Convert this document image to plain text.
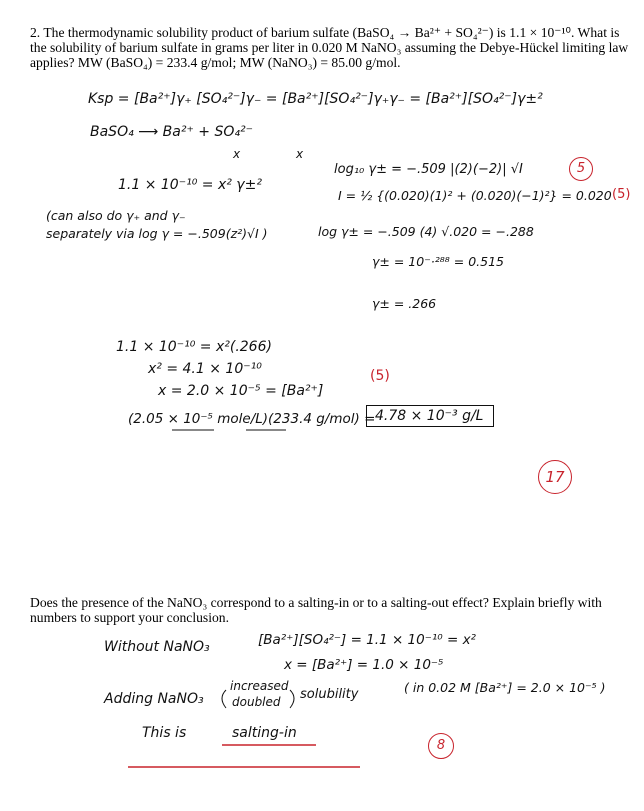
2. The thermodynamic solubility product of barium sulfate (BaSO₄ → Ba²⁺ + SO₄²⁻) is 1.1 × 10⁻¹⁰. What is the solubility of barium sulfate in grams per liter in 0.020 M NaNO₃ assuming the Debye-Hückel limiting law applies? MW (BaSO₄) = 233.4 g/mol; MW (NaNO₃) = 85.00 g/mol.
Ksp = [Ba²⁺]γ₊ [SO₄²⁻]γ₋ = [Ba²⁺][SO₄²⁻]γ₊γ₋ = [Ba²⁺][SO₄²⁻]γ±²
BaSO₄ ⟶ Ba²⁺ + SO₄²⁻
x	x
1.1 × 10⁻¹⁰ = x² γ±²
(can also do γ₊ and γ₋
separately via log γ = −.509(z²)√I )
log₁₀ γ± = −.509 |(2)(−2)| √I	5
I = ½ {(0.020)(1)² + (0.020)(−1)²} = 0.020 (5)
log γ± = −.509 (4) √.020 = −.288
γ± = 10⁻·²⁸⁸ = 0.515
γ± = .266
1.1 × 10⁻¹⁰ = x²(.266)
x² = 4.1 × 10⁻¹⁰
x = 2.0 × 10⁻⁵ = [Ba²⁺]
(5)
(2.05 × 10⁻⁵ mole/L)(233.4 g/mol) = 4.78 × 10⁻³ g/L
17
Does the presence of the NaNO₃ correspond to a salting-in or to a salting-out effect? Explain briefly with numbers to support your conclusion.
Without NaNO₃	[Ba²⁺][SO₄²⁻] = 1.1 × 10⁻¹⁰ = x²
x = [Ba²⁺] = 1.0 × 10⁻⁵
Adding NaNO₃
increased
doubled solubility	( in 0.02 M [Ba²⁺] = 2.0 × 10⁻⁵ )
This is	salting-in
8
